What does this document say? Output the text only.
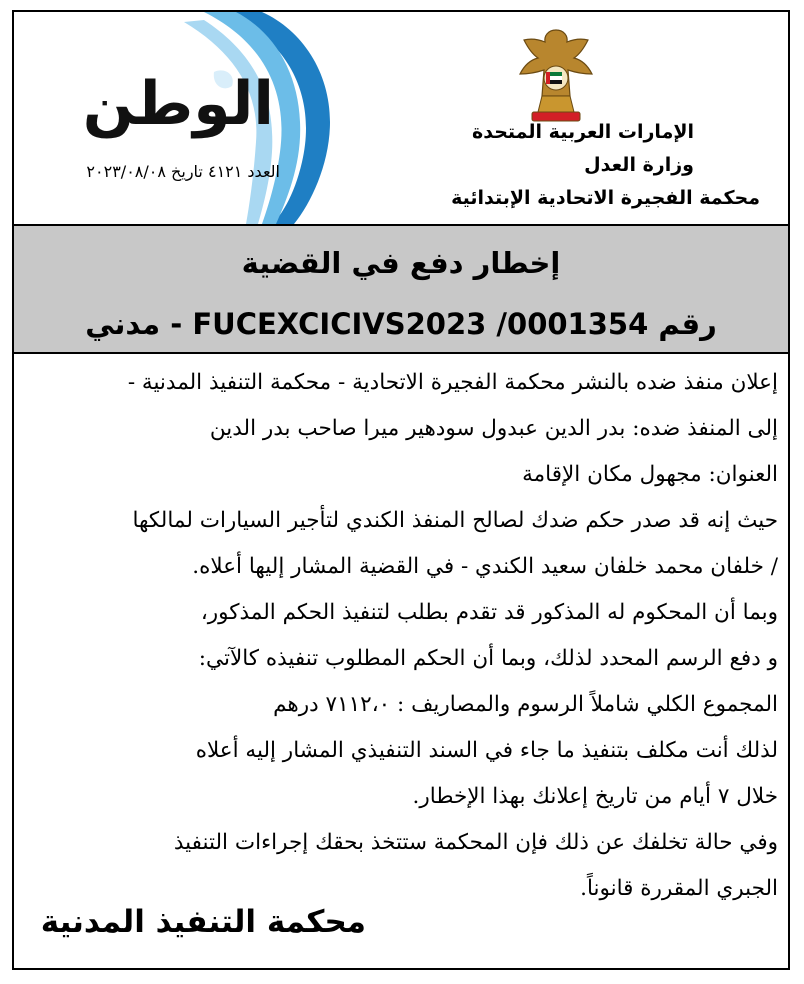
الإمارات العربية المتحدة
وزارة العدل
محكمة الفجيرة الاتحادية الإبتدائية
الوطن
العدد ٤١٢١ تاريخ ٢٠٢٣/٠٨/٠٨
إخطار دفع في القضية
رقم FUCEXCICIVS2023 /0001354 - مدني

إعلان منفذ ضده بالنشر محكمة الفجيرة الاتحادية - محكمة التنفيذ المدنية -

إلى المنفذ ضده: بدر الدين عبدول سودهير ميرا صاحب بدر الدين

العنوان: مجهول مكان الإقامة

حيث إنه قد صدر حكم ضدك لصالح المنفذ الكندي لتأجير السيارات لمالكها

/ خلفان محمد خلفان سعيد الكندي - في القضية المشار إليها أعلاه.

وبما أن المحكوم له المذكور قد تقدم بطلب لتنفيذ الحكم المذكور،

و دفع الرسم المحدد لذلك، وبما أن الحكم المطلوب تنفيذه كالآتي:

المجموع الكلي شاملاً الرسوم والمصاريف : ٧١١٢،٠ درهم

لذلك أنت مكلف بتنفيذ ما جاء في السند التنفيذي المشار إليه أعلاه

خلال ٧ أيام من تاريخ إعلانك بهذا الإخطار.

وفي حالة تخلفك عن ذلك فإن المحكمة ستتخذ بحقك إجراءات التنفيذ

الجبري المقررة قانوناً.

محكمة التنفيذ المدنية
